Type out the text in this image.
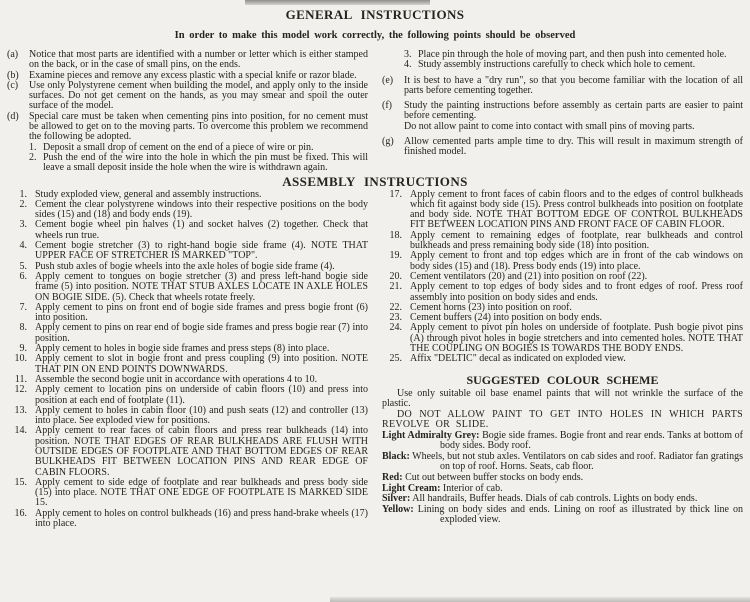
GENERAL INSTRUCTIONS
In order to make this model work correctly, the following points should be observed
(a)	Notice that most parts are identified with a number or letter which is either stamped on the back, or in the case of small pins, on the ends.
(b)	Examine pieces and remove any excess plastic with a special knife or razor blade.
(c)	Use only Polystyrene cement when building the model, and apply only to the inside surfaces. Do not get cement on the hands, as you may smear and spoil the outer surface of the model.
(d)	Special care must be taken when cementing pins into position, for no cement must be allowed to get on to the moving parts. To overcome this problem we recommend the following be adopted.
1. Deposit a small drop of cement on the end of a piece of wire or pin.
2. Push the end of the wire into the hole in which the pin must be fixed. This will leave a small deposit inside the hole when the wire is withdrawn again.
3. Place pin through the hole of moving part, and then push into cemented hole.
4. Study assembly instructions carefully to check which hole to cement.
(e)	It is best to have a "dry run", so that you become familiar with the location of all parts before cementing together.
(f)	Study the painting instructions before assembly as certain parts are easier to paint before cementing.
Do not allow paint to come into contact with small pins of moving parts.
(g)	Allow cemented parts ample time to dry. This will result in maximum strength of finished model.
ASSEMBLY INSTRUCTIONS
1. Study exploded view, general and assembly instructions.
2. Cement the clear polystyrene windows into their respective positions on the body sides (15) and (18) and body ends (19).
3. Cement bogie wheel pin halves (1) and socket halves (2) together. Check that wheels run true.
4. Cement bogie stretcher (3) to right-hand bogie side frame (4). NOTE THAT UPPER FACE OF STRETCHER IS MARKED "TOP".
5. Push stub axles of bogie wheels into the axle holes of bogie side frame (4).
6. Apply cement to tongues on bogie stretcher (3) and press left-hand bogie side frame (5) into position. NOTE THAT STUB AXLES LOCATE IN AXLE HOLES ON BOGIE SIDE. (5). Check that wheels rotate freely.
7. Apply cement to pins on front end of bogie side frames and press bogie front (6) into position.
8. Apply cement to pins on rear end of bogie side frames and press bogie rear (7) into position.
9. Apply cement to holes in bogie side frames and press steps (8) into place.
10. Apply cement to slot in bogie front and press coupling (9) into position. NOTE THAT PIN ON END POINTS DOWNWARDS.
11. Assemble the second bogie unit in accordance with operations 4 to 10.
12. Apply cement to location pins on underside of cabin floors (10) and press into position at each end of footplate (11).
13. Apply cement to holes in cabin floor (10) and push seats (12) and controller (13) into place. See exploded view for positions.
14. Apply cement to rear faces of cabin floors and press rear bulkheads (14) into position. NOTE THAT EDGES OF REAR BULKHEADS ARE FLUSH WITH OUTSIDE EDGES OF FOOTPLATE AND THAT BOTTOM EDGES OF REAR BULKHEADS FIT BETWEEN LOCATION PINS AND REAR EDGE OF CABIN FLOORS.
15. Apply cement to side edge of footplate and rear bulkheads and press body side (15) into place. NOTE THAT ONE EDGE OF FOOTPLATE IS MARKED SIDE 15.
16. Apply cement to holes on control bulkheads (16) and press hand-brake wheels (17) into place.
17. Apply cement to front faces of cabin floors and to the edges of control bulkheads which fit against body side (15). Press control bulkheads into position on footplate and body side. NOTE THAT BOTTOM EDGE OF CONTROL BULKHEADS FIT BETWEEN LOCATION PINS AND FRONT FACE OF CABIN FLOOR.
18. Apply cement to remaining edges of footplate, rear bulkheads and control bulkheads and press remaining body side (18) into position.
19. Apply cement to front and top edges which are in front of the cab windows on body sides (15) and (18). Press body ends (19) into place.
20. Cement ventilators (20) and (21) into position on roof (22).
21. Apply cement to top edges of body sides and to front edges of roof. Press roof assembly into position on body sides and ends.
22. Cement horns (23) into position on roof.
23. Cement buffers (24) into position on body ends.
24. Apply cement to pivot pin holes on underside of footplate. Push bogie pivot pins (A) through pivot holes in bogie stretchers and into cemented holes. NOTE THAT THE COUPLING ON BOGIES IS TOWARDS THE BODY ENDS.
25. Affix "DELTIC" decal as indicated on exploded view.
SUGGESTED COLOUR SCHEME

Use only suitable oil base enamel paints that will not wrinkle the surface of the plastic.

DO NOT ALLOW PAINT TO GET INTO HOLES IN WHICH PARTS REVOLVE OR SLIDE.

Light Admiralty Grey: Bogie side frames. Bogie front and rear ends. Tanks at bottom of body sides. Body roof.
Black: Wheels, but not stub axles. Ventilators on cab sides and roof. Radiator fan gratings on top of roof. Horns. Seats, cab floor.
Red: Cut out between buffer stocks on body ends.
Light Cream: Interior of cab.
Silver: All handrails, Buffer heads. Dials of cab controls. Lights on body ends.
Yellow: Lining on body sides and ends. Lining on roof as illustrated by thick line on exploded view.
